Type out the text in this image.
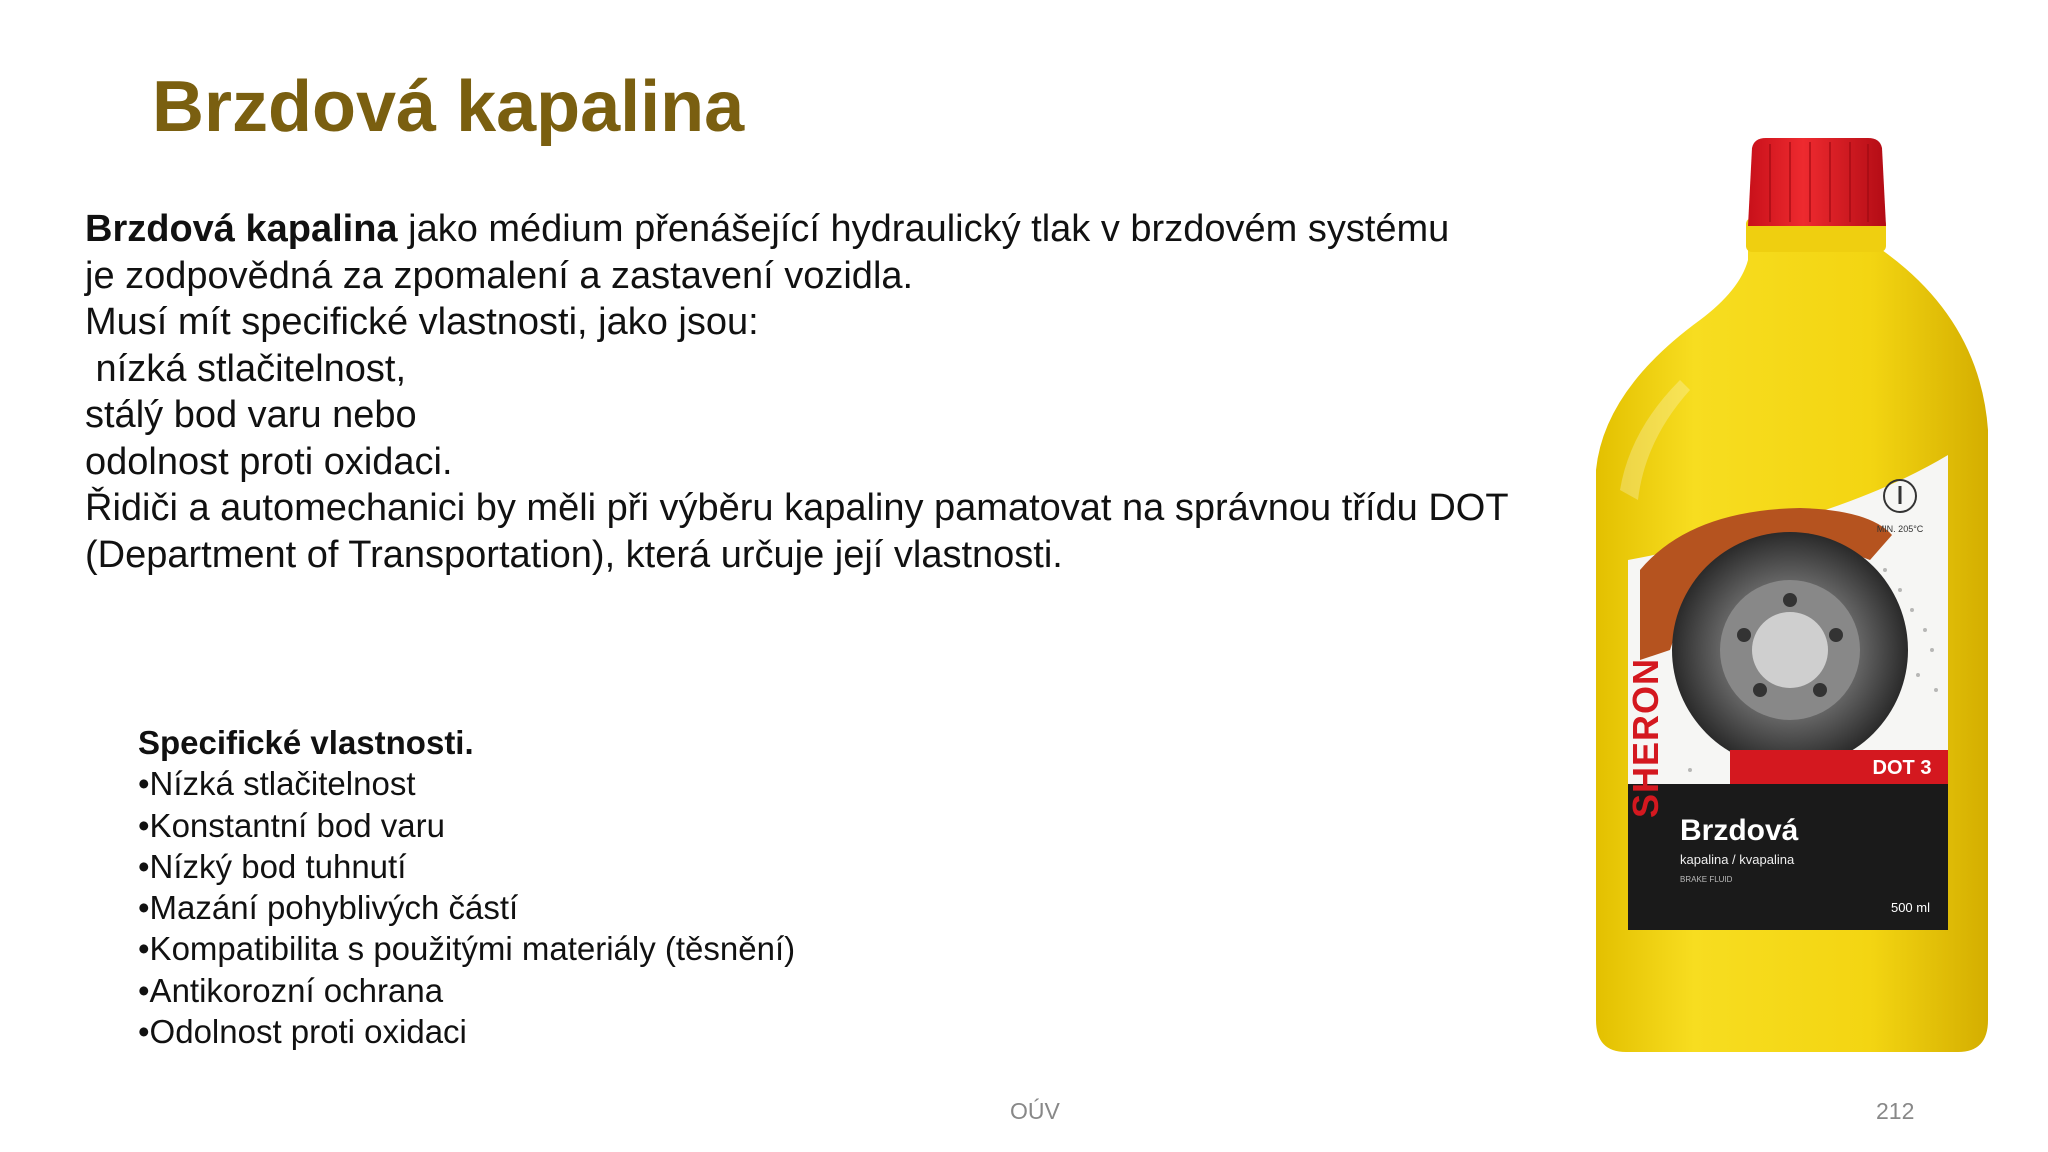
Brzdová kapalina
Brzdová kapalina jako médium přenášející hydraulický tlak v brzdovém systému
je zodpovědná za zpomalení a zastavení vozidla.
Musí mít specifické vlastnosti, jako jsou:
nízká stlačitelnost,
stálý bod varu nebo
odolnost proti oxidaci.
Řidiči a automechanici by měli při výběru kapaliny pamatovat na správnou třídu DOT
(Department of Transportation), která určuje její vlastnosti.
Specifické vlastnosti.
•Nízká stlačitelnost
•Konstantní bod varu
•Nízký bod tuhnutí
•Mazání pohyblivých částí
•Kompatibilita s použitými materiály (těsnění)
•Antikorozní ochrana
•Odolnost proti oxidaci
MIN. 205°C
DOT 3
Brzdová
kapalina / kvapalina
BRAKE FLUID
500 ml
SHERON
OÚV	212
